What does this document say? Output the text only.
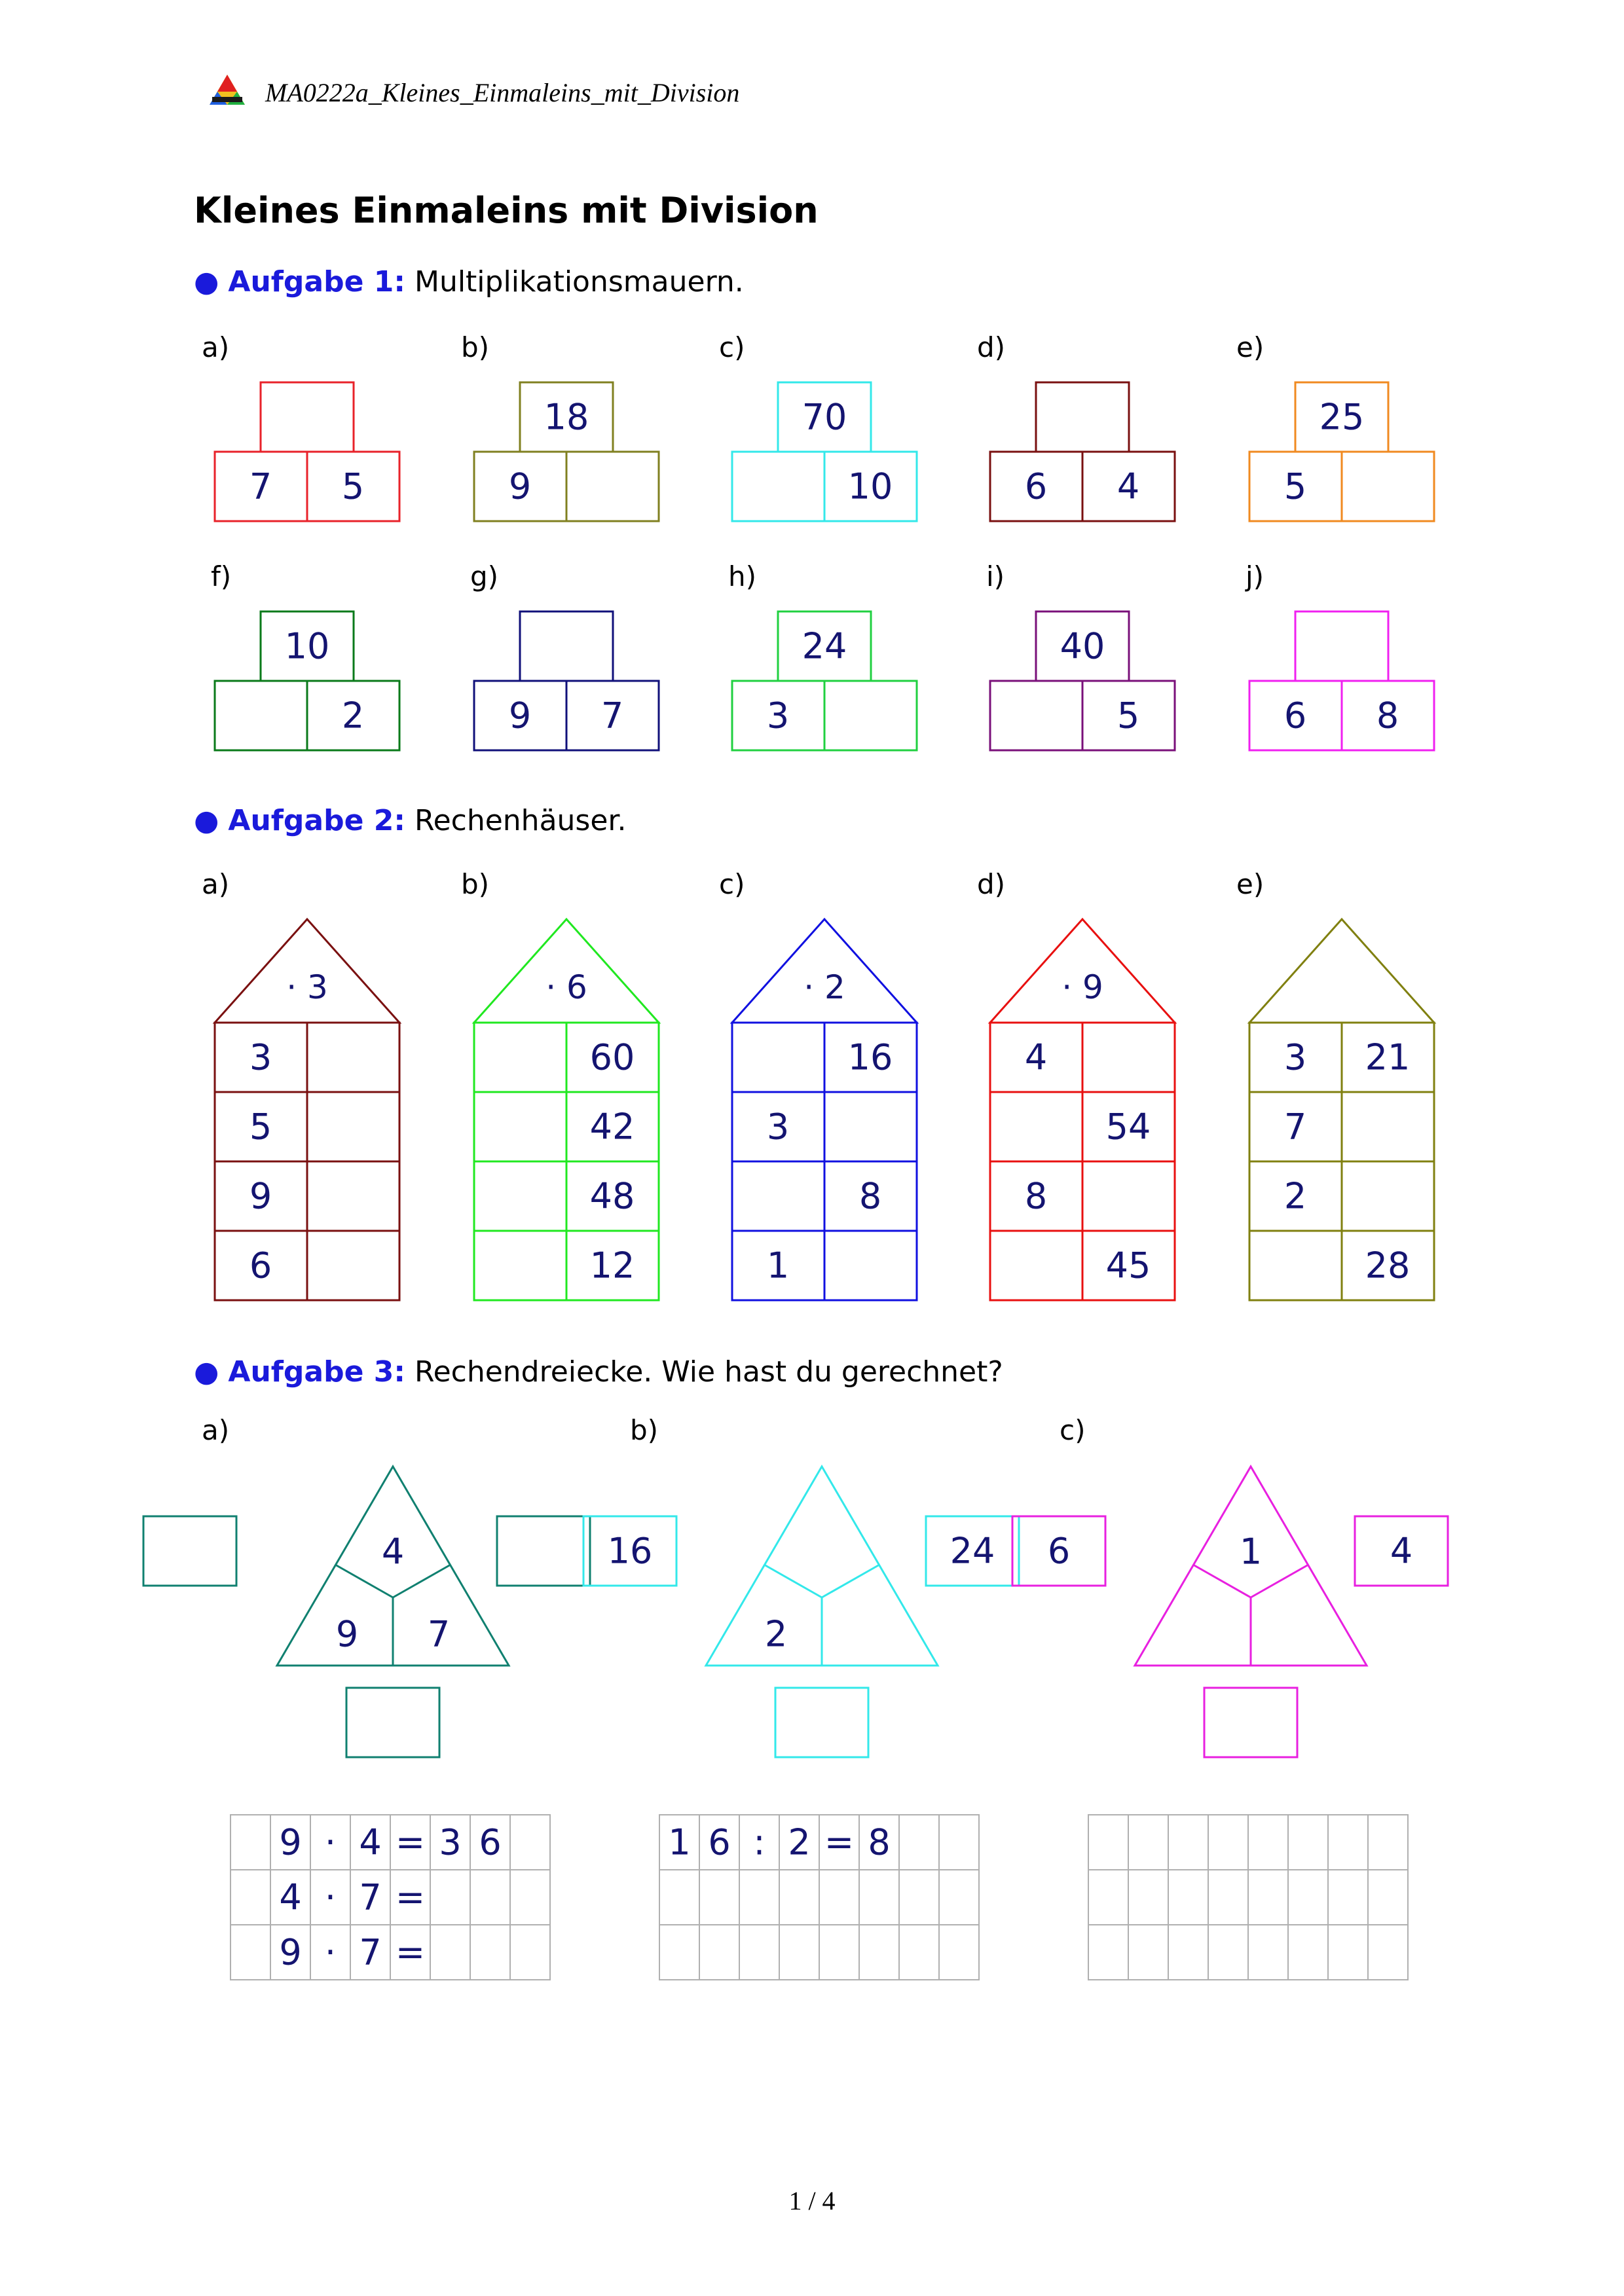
MA0222a_Kleines_Einmaleins_mit_Division
Kleines Einmaleins mit Division
● Aufgabe 1: Multiplikationsmauern.
● Aufgabe 2: Rechenhäuser.
● Aufgabe 3: Rechendreiecke. Wie hast du gerechnet?
a)
7 5
b)
18
9
c)
70
10
d)
6 4
e)
25
5
f)
10
2
g)
9 7
h)
24
3
i)
40
5
j)
6 8
a)
· 3
3
5
9
6
b)
· 6
60
42
48
12
c)
· 2
16
3
8
1
d)
· 9
4
54
8
45
e)
3 21
7
2
28
a)
4
9 7
b)
2
16	24
c)
1
6	4
9 · 4 = 3 6
4 · 7 =
9 · 7 =
1 6 : 2 = 8
1 / 4
